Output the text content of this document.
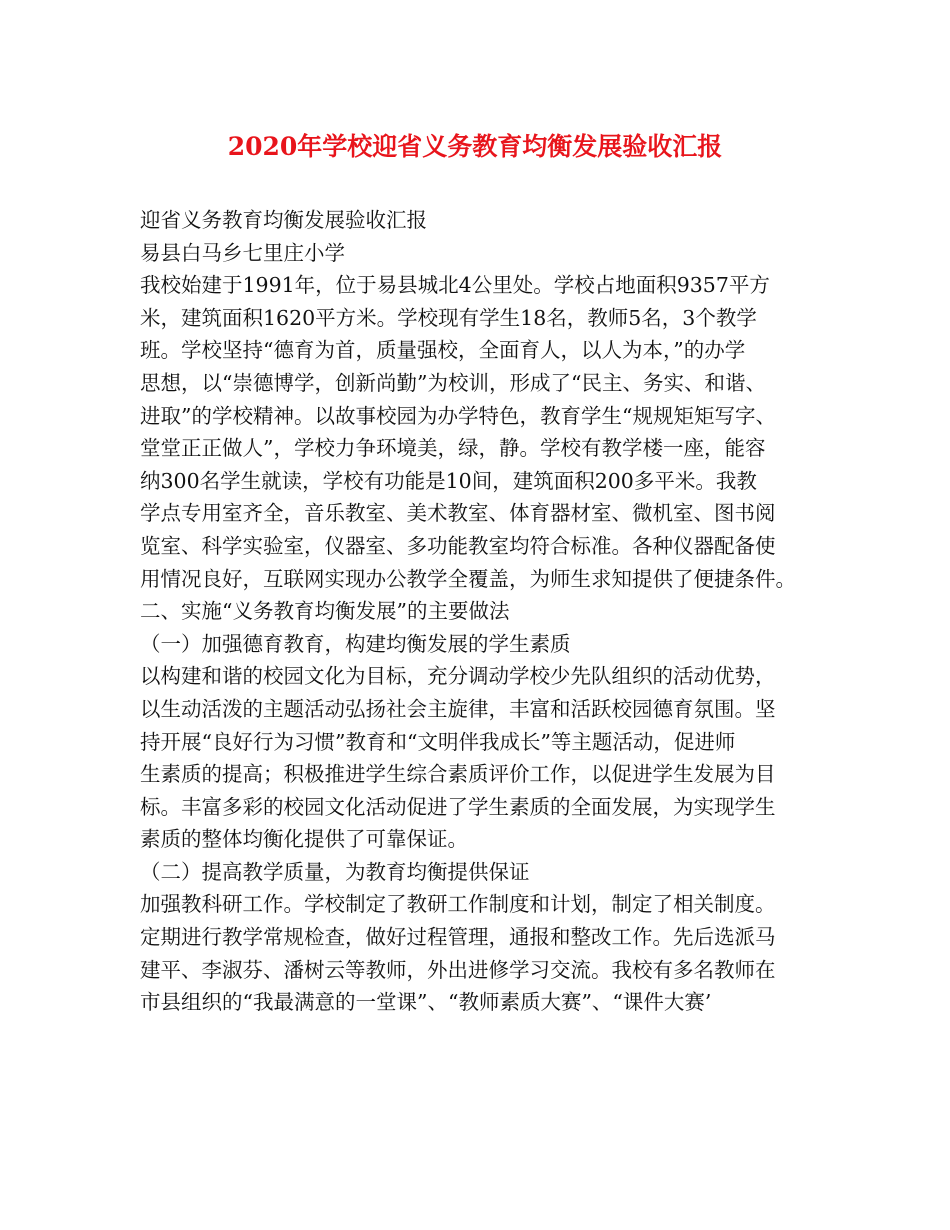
2020年学校迎省义务教育均衡发展验收汇报
迎省义务教育均衡发展验收汇报
易县白马乡七里庄小学
我校始建于1991年，位于易县城北4公里处。学校占地面积9357平方
米，建筑面积1620平方米。学校现有学生18名，教师5名，3个教学
班。学校坚持“德育为首，质量强校，全面育人，以人为本，”的办学
思想，以“崇德博学，创新尚勤”为校训，形成了“民主、务实、和谐、
进取”的学校精神。以故事校园为办学特色，教育学生“规规矩矩写字、
堂堂正正做人”，学校力争环境美，绿，静。学校有教学楼一座，能容
纳300名学生就读，学校有功能是10间，建筑面积200多平米。我教
学点专用室齐全，音乐教室、美术教室、体育器材室、微机室、图书阅
览室、科学实验室，仪器室、多功能教室均符合标准。各种仪器配备使
用情况良好，互联网实现办公教学全覆盖，为师生求知提供了便捷条件。
二、实施“义务教育均衡发展”的主要做法
（一）加强德育教育，构建均衡发展的学生素质
以构建和谐的校园文化为目标，充分调动学校少先队组织的活动优势，
以生动活泼的主题活动弘扬社会主旋律，丰富和活跃校园德育氛围。坚
持开展“良好行为习惯”教育和“文明伴我成长”等主题活动，促进师
生素质的提高；积极推进学生综合素质评价工作，以促进学生发展为目
标。丰富多彩的校园文化活动促进了学生素质的全面发展，为实现学生
素质的整体均衡化提供了可靠保证。
（二）提高教学质量，为教育均衡提供保证
加强教科研工作。学校制定了教研工作制度和计划，制定了相关制度。
定期进行教学常规检查，做好过程管理，通报和整改工作。先后选派马
建平、李淑芬、潘树云等教师，外出进修学习交流。我校有多名教师在
市县组织的“我最满意的一堂课”、“教师素质大赛”、“课件大赛’
